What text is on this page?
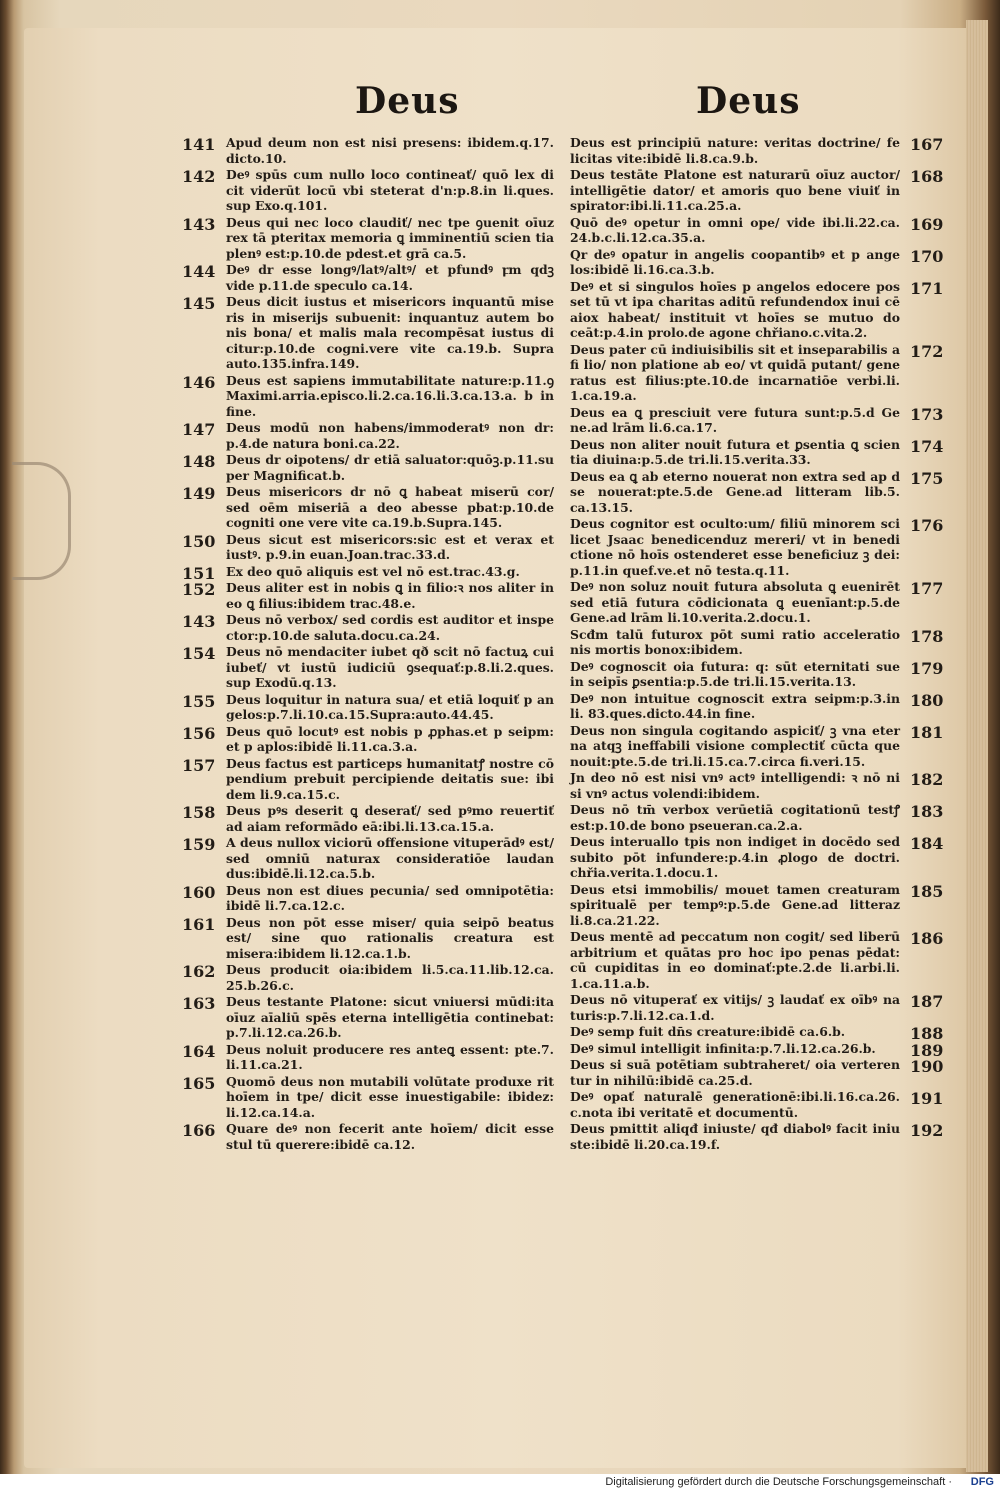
Deus	Deus
141 Apud deum non est nisi presens: ibidem.q.17. dicto.10.
142 Deꝰ spūs cum nullo loco contineať/ quō lex di cit viderūt locū vbi steterat d'n:p.8.in li.ques. sup Exo.q.101.
143 Deus qui nec loco claudiť/ nec tpe ꝯuenit oīuz rex tā pteritax memoria ꝗ imminentiū scien tia plenꝰ est:p.10.de pdest.et grā ca.5.
144 Deꝰ dr esse longꝰ/latꝰ/altꝰ/ et pfundꝰ ꝼm qdꝫ vide p.11.de speculo ca.14.
145 Deus dicit iustus et misericors inquantū mise ris in miserijs subuenit: inquantuz autem bo nis bona/ et malis mala recompēsat iustus di citur:p.10.de cogni.vere vite ca.19.b. Supra auto.135.infra.149.
146 Deus est sapiens immutabilitate nature:p.11.ꝯ Maximi.arria.episco.li.2.ca.16.li.3.ca.13.a. b in fine.
147 Deus modū non habens/immoderatꝰ non dr: p.4.de natura boni.ca.22.
148 Deus dr oipotens/ dr etiā saluator:quōꝫ.p.11.su per Magnificat.b.
149 Deus misericors dr nō ꝗ habeat miserū cor/ sed oēm miseriā a deo abesse pbat:p.10.de cogniti one vere vite ca.19.b.Supra.145.
150 Deus sicut est misericors:sic est et verax et iustꝰ. p.9.in euan.Joan.trac.33.d.
151 Ex deo quō aliquis est vel nō est.trac.43.g.
152 Deus aliter est in nobis ꝗ in filio:ꝛ nos aliter in eo ꝗ filius:ibidem trac.48.e.
143 Deus nō verbox/ sed cordis est auditor et inspe ctor:p.10.de saluta.docu.ca.24.
154 Deus nō mendaciter iubet qð scit nō factuꝝ cui iubeť/ vt iustū iudiciū ꝯsequať:p.8.li.2.ques. sup Exodū.q.13.
155 Deus loquitur in natura sua/ et etiā loquiť p an gelos:p.7.li.10.ca.15.Supra:auto.44.45.
156 Deus quō locutꝰ est nobis p ꝓphas.et p seipm: et p aplos:ibidē li.11.ca.3.a.
157 Deus factus est particeps humanitatꝭ nostre cō pendium prebuit percipiende deitatis sue: ibi dem li.9.ca.15.c.
158 Deus pꝰs deserit ꝗ deserať/ sed pꝰmo reuertiť ad aiam reformādo eā:ibi.li.13.ca.15.a.
159 A deus nullox viciorū offensione vituperādꝰ est/ sed omniū naturax consideratiōe laudan dus:ibidē.li.12.ca.5.b.
160 Deus non est diues pecunia/ sed omnipotētia: ibidē li.7.ca.12.c.
161 Deus non pōt esse miser/ quia seipō beatus est/ sine quo rationalis creatura est misera:ibidem li.12.ca.1.b.
162 Deus producit oia:ibidem li.5.ca.11.lib.12.ca. 25.b.26.c.
163 Deus testante Platone: sicut vniuersi mūdi:ita oīuz aīaliū spēs eterna intelligētia continebat: p.7.li.12.ca.26.b.
164 Deus noluit producere res anteꝗ essent: pte.7. li.11.ca.21.
165 Quomō deus non mutabili volūtate produxe rit hoīem in tpe/ dicit esse inuestigabile: ibidez: li.12.ca.14.a.
166 Quare deꝰ non fecerit ante hoīem/ dicit esse stul tū querere:ibidē ca.12.
167
Deus est principiū nature: veritas doctrine/ fe licitas vite:ibidē li.8.ca.9.b.
168
Deus testāte Platone est naturarū oīuz auctor/ intelligētie dator/ et amoris quo bene viuiť in spirator:ibi.li.11.ca.25.a.
169
Quō deꝰ opetur in omni ope/ vide ibi.li.22.ca. 24.b.c.li.12.ca.35.a.
170
Qr deꝰ opatur in angelis coopantibꝰ et p ange los:ibidē li.16.ca.3.b.
171
Deꝰ et si singulos hoīes p angelos edocere pos set tū vt ipa charitas aditū refundendox inui cē aiox habeat/ instituit vt hoīes se mutuo do ceāt:p.4.in prolo.de agone chřiano.c.vita.2.
172
Deus pater cū indiuisibilis sit et inseparabilis a fi lio/ non platione ab eo/ vt quidā putant/ gene ratus est filius:pte.10.de incarnatiōe verbi.li. 1.ca.19.a.
173
Deus ea ꝗ presciuit vere futura sunt:p.5.d Ge ne.ad lrām li.6.ca.17.
174
Deus non aliter nouit futura et ꝑsentia ꝗ scien tia diuina:p.5.de tri.li.15.verita.33.
175
Deus ea ꝗ ab eterno nouerat non extra sed ap d se nouerat:pte.5.de Gene.ad litteram lib.5. ca.13.15.
176
Deus cognitor est oculto:um/ filiū minorem sci licet Jsaac benedicenduz mereri/ vt in benedi ctione nō hoīs ostenderet esse beneficiuz ꝫ dei: p.11.in quef.ve.et nō testa.q.11.
177
Deꝰ non soluz nouit futura absoluta ꝗ euenirēt sed etiā futura cōdicionata ꝗ euenīant:p.5.de Gene.ad lrām li.10.verita.2.docu.1.
178
Scđm talū futurox pōt sumi ratio acceleratio nis mortis bonox:ibidem.
179
Deꝰ cognoscit oia futura: q: sūt eternitati sue in seipīs ꝑsentia:p.5.de tri.li.15.verita.13.
180
Deꝰ non intuitue cognoscit extra seipm:p.3.in li. 83.ques.dicto.44.in fine.
181
Deus non singula cogitando aspiciť/ ꝫ vna eter na atqꝫ ineffabili visione complectiť cūcta que nouit:pte.5.de tri.li.15.ca.7.circa fi.veri.15.
182
Jn deo nō est nisi vnꝰ actꝰ intelligendi: ꝛ nō ni si vnꝰ actus volendi:ibidem.
183
Deus nō tm̄ verbox verūetiā cogitationū testꝭ est:p.10.de bono pseueran.ca.2.a.
184
Deus interuallo tpis non indiget in docēdo sed subito pōt infundere:p.4.in ꝓlogo de doctri. chřia.verita.1.docu.1.
185
Deus etsi immobilis/ mouet tamen creaturam spiritualē per tempꝰ:p.5.de Gene.ad litteraz li.8.ca.21.22.
186
Deus mentē ad peccatum non cogit/ sed liberū arbitrium et quātas pro hoc ipo penas pēdat: cū cupiditas in eo dominať:pte.2.de li.arbi.li. 1.ca.11.a.b.
187
Deus nō vituperať ex vitijs/ ꝫ laudať ex oībꝰ na turis:p.7.li.12.ca.1.d.
188
Deꝰ semp fuit dn̄s creature:ibidē ca.6.b.
189
Deꝰ simul intelligit infinita:p.7.li.12.ca.26.b.
190
Deus si suā potētiam subtraheret/ oia verteren tur in nihilū:ibidē ca.25.d.
191
Deꝰ opať naturalē generationē:ibi.li.16.ca.26. c.nota ibi veritatē et documentū.
192
Deus pmittit aliqđ iniuste/ qđ diabolꝰ facit iniu ste:ibidē li.20.ca.19.f.
Digitalisierung gefördert durch die Deutsche Forschungsgemeinschaft · DFG
